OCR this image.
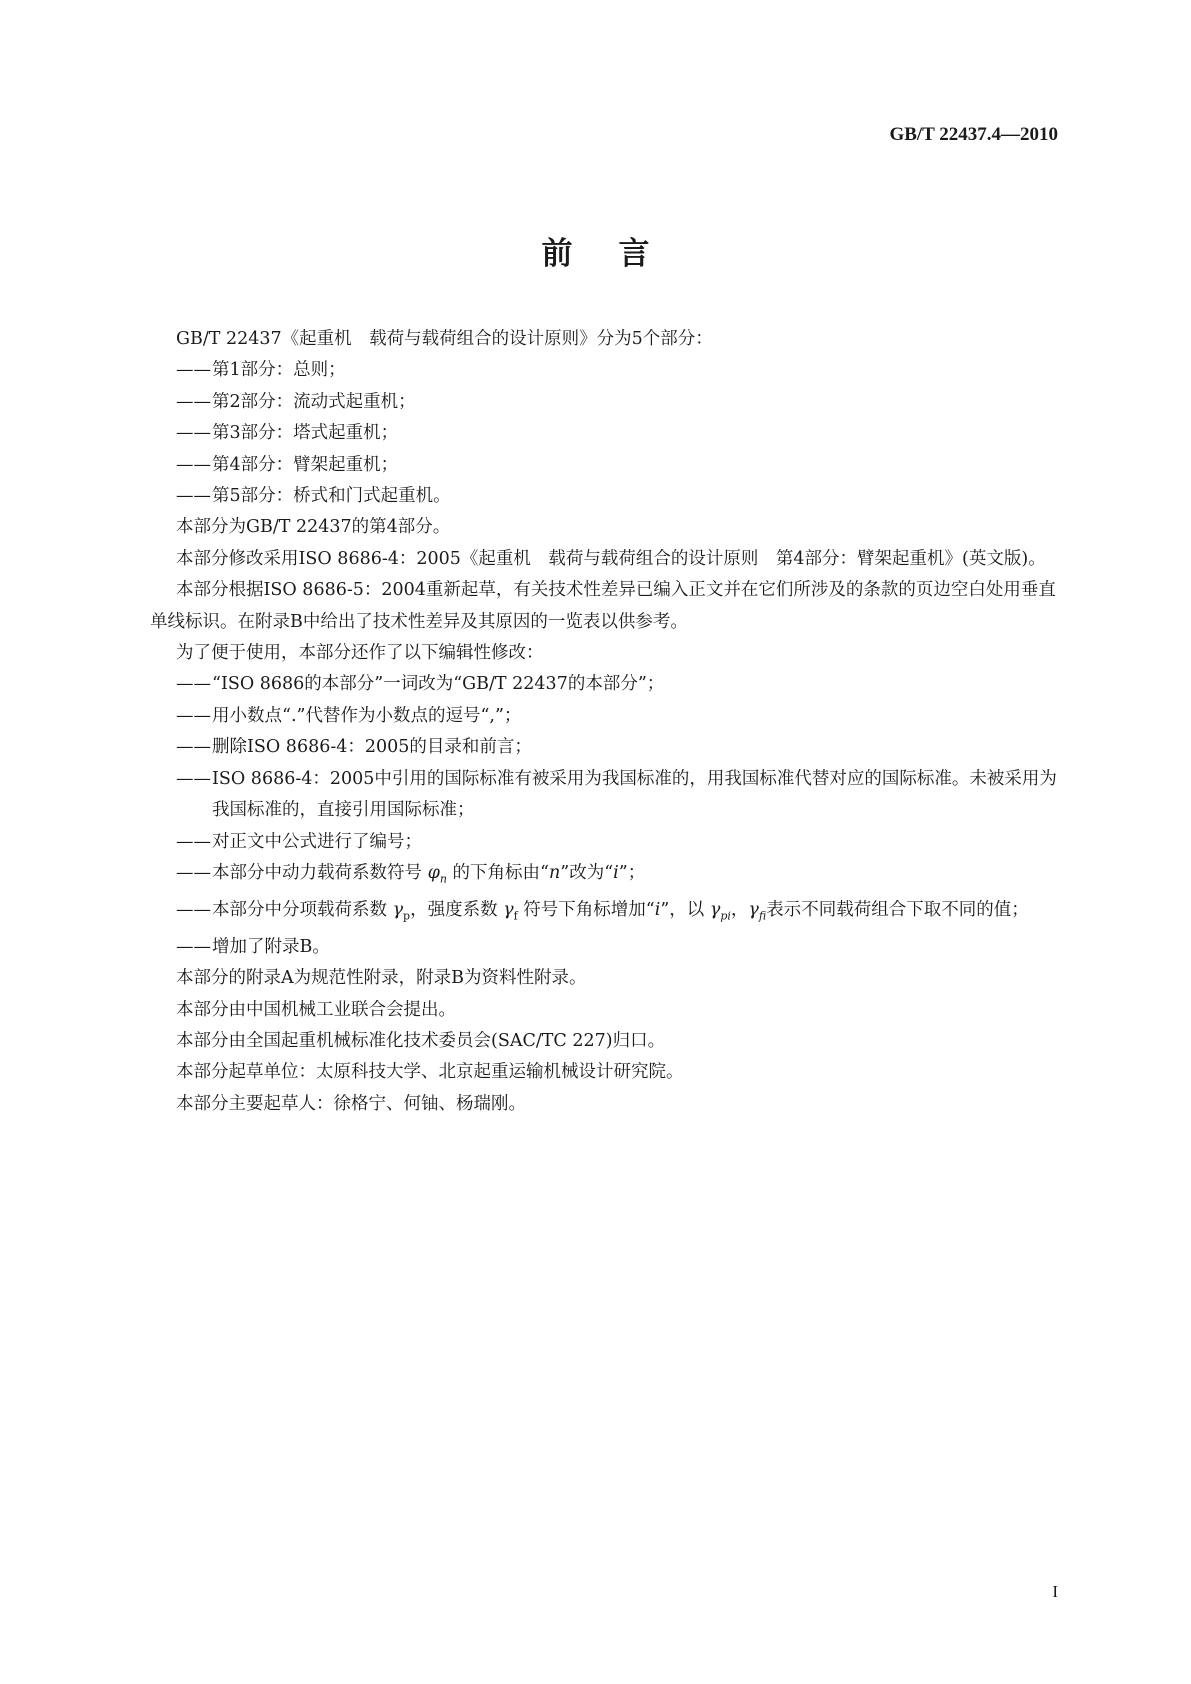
GB/T 22437.4—2010
前言

GB/T 22437《起重机　载荷与载荷组合的设计原则》分为5个部分：

——第1部分：总则；

——第2部分：流动式起重机；

——第3部分：塔式起重机；

——第4部分：臂架起重机；

——第5部分：桥式和门式起重机。

本部分为GB/T 22437的第4部分。

本部分修改采用ISO 8686-4：2005《起重机　载荷与载荷组合的设计原则　第4部分：臂架起重机》(英文版)。

本部分根据ISO 8686-5：2004重新起草，有关技术性差异已编入正文并在它们所涉及的条款的页边空白处用垂直单线标识。在附录B中给出了技术性差异及其原因的一览表以供参考。

为了便于使用，本部分还作了以下编辑性修改：

——“ISO 8686的本部分”一词改为“GB/T 22437的本部分”；

——用小数点“.”代替作为小数点的逗号“,”；

——删除ISO 8686-4：2005的目录和前言；

——ISO 8686-4：2005中引用的国际标准有被采用为我国标准的，用我国标准代替对应的国际标准。未被采用为我国标准的，直接引用国际标准；

——对正文中公式进行了编号；

——本部分中动力载荷系数符号 $\varphi_n$ 的下角标由“n”改为“i”；

——本部分中分项载荷系数 $\gamma_p$，强度系数 $\gamma_f$ 符号下角标增加“i”，以 $\gamma_{pi}$，$\gamma_{fi}$表示不同载荷组合下取不同的值；

——增加了附录B。

本部分的附录A为规范性附录，附录B为资料性附录。

本部分由中国机械工业联合会提出。

本部分由全国起重机械标准化技术委员会(SAC/TC 227)归口。

本部分起草单位：太原科技大学、北京起重运输机械设计研究院。

本部分主要起草人：徐格宁、何铀、杨瑞刚。

I
